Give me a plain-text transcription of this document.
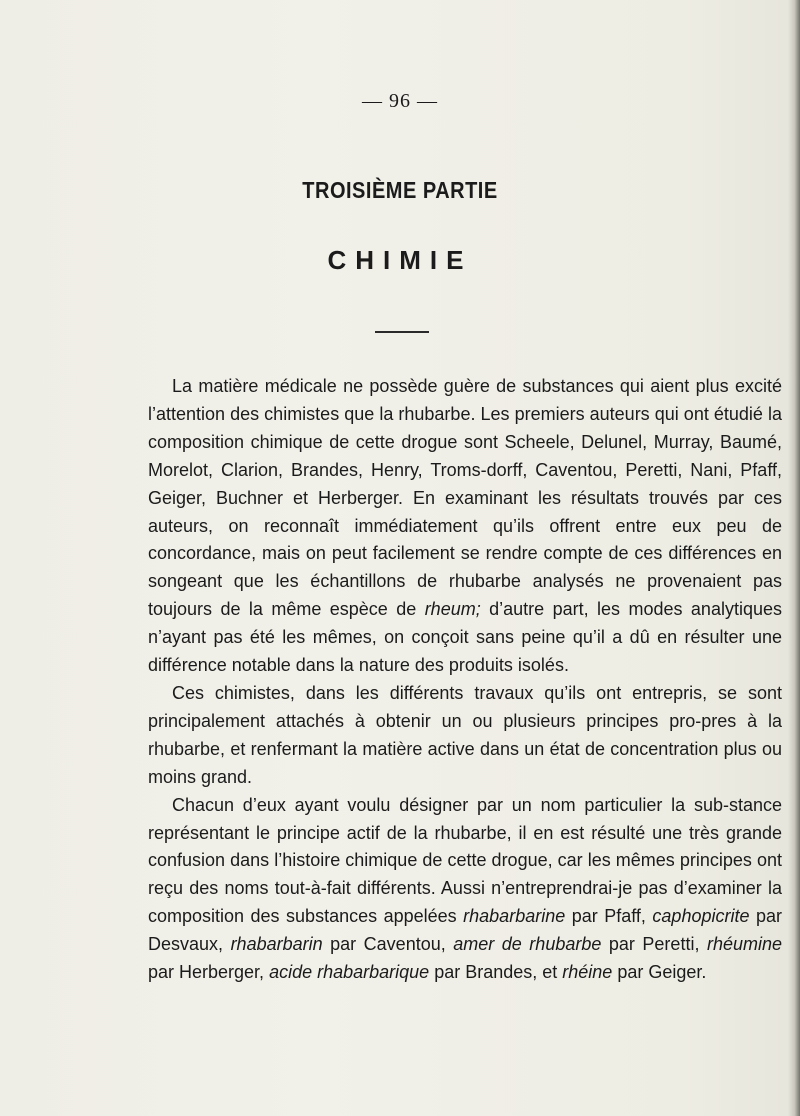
— 96 —
TROISIÈME PARTIE
CHIMIE

La matière médicale ne possède guère de substances qui aient plus excité l’attention des chimistes que la rhubarbe. Les premiers auteurs qui ont étudié la composition chimique de cette drogue sont Scheele, Delunel, Murray, Baumé, Morelot, Clarion, Brandes, Henry, Troms-dorff, Caventou, Peretti, Nani, Pfaff, Geiger, Buchner et Herberger. En examinant les résultats trouvés par ces auteurs, on reconnaît immédiatement qu’ils offrent entre eux peu de concordance, mais on peut facilement se rendre compte de ces différences en songeant que les échantillons de rhubarbe analysés ne provenaient pas toujours de la même espèce de rheum; d’autre part, les modes analytiques n’ayant pas été les mêmes, on conçoit sans peine qu’il a dû en résulter une différence notable dans la nature des produits isolés.

Ces chimistes, dans les différents travaux qu’ils ont entrepris, se sont principalement attachés à obtenir un ou plusieurs principes pro-pres à la rhubarbe, et renfermant la matière active dans un état de concentration plus ou moins grand.

Chacun d’eux ayant voulu désigner par un nom particulier la sub-stance représentant le principe actif de la rhubarbe, il en est résulté une très grande confusion dans l’histoire chimique de cette drogue, car les mêmes principes ont reçu des noms tout-à-fait différents. Aussi n’entreprendrai-je pas d’examiner la composition des substances appelées rhabarbarine par Pfaff, caphopicrite par Desvaux, rhabarbarin par Caventou, amer de rhubarbe par Peretti, rhéumine par Herberger, acide rhabarbarique par Brandes, et rhéine par Geiger.
